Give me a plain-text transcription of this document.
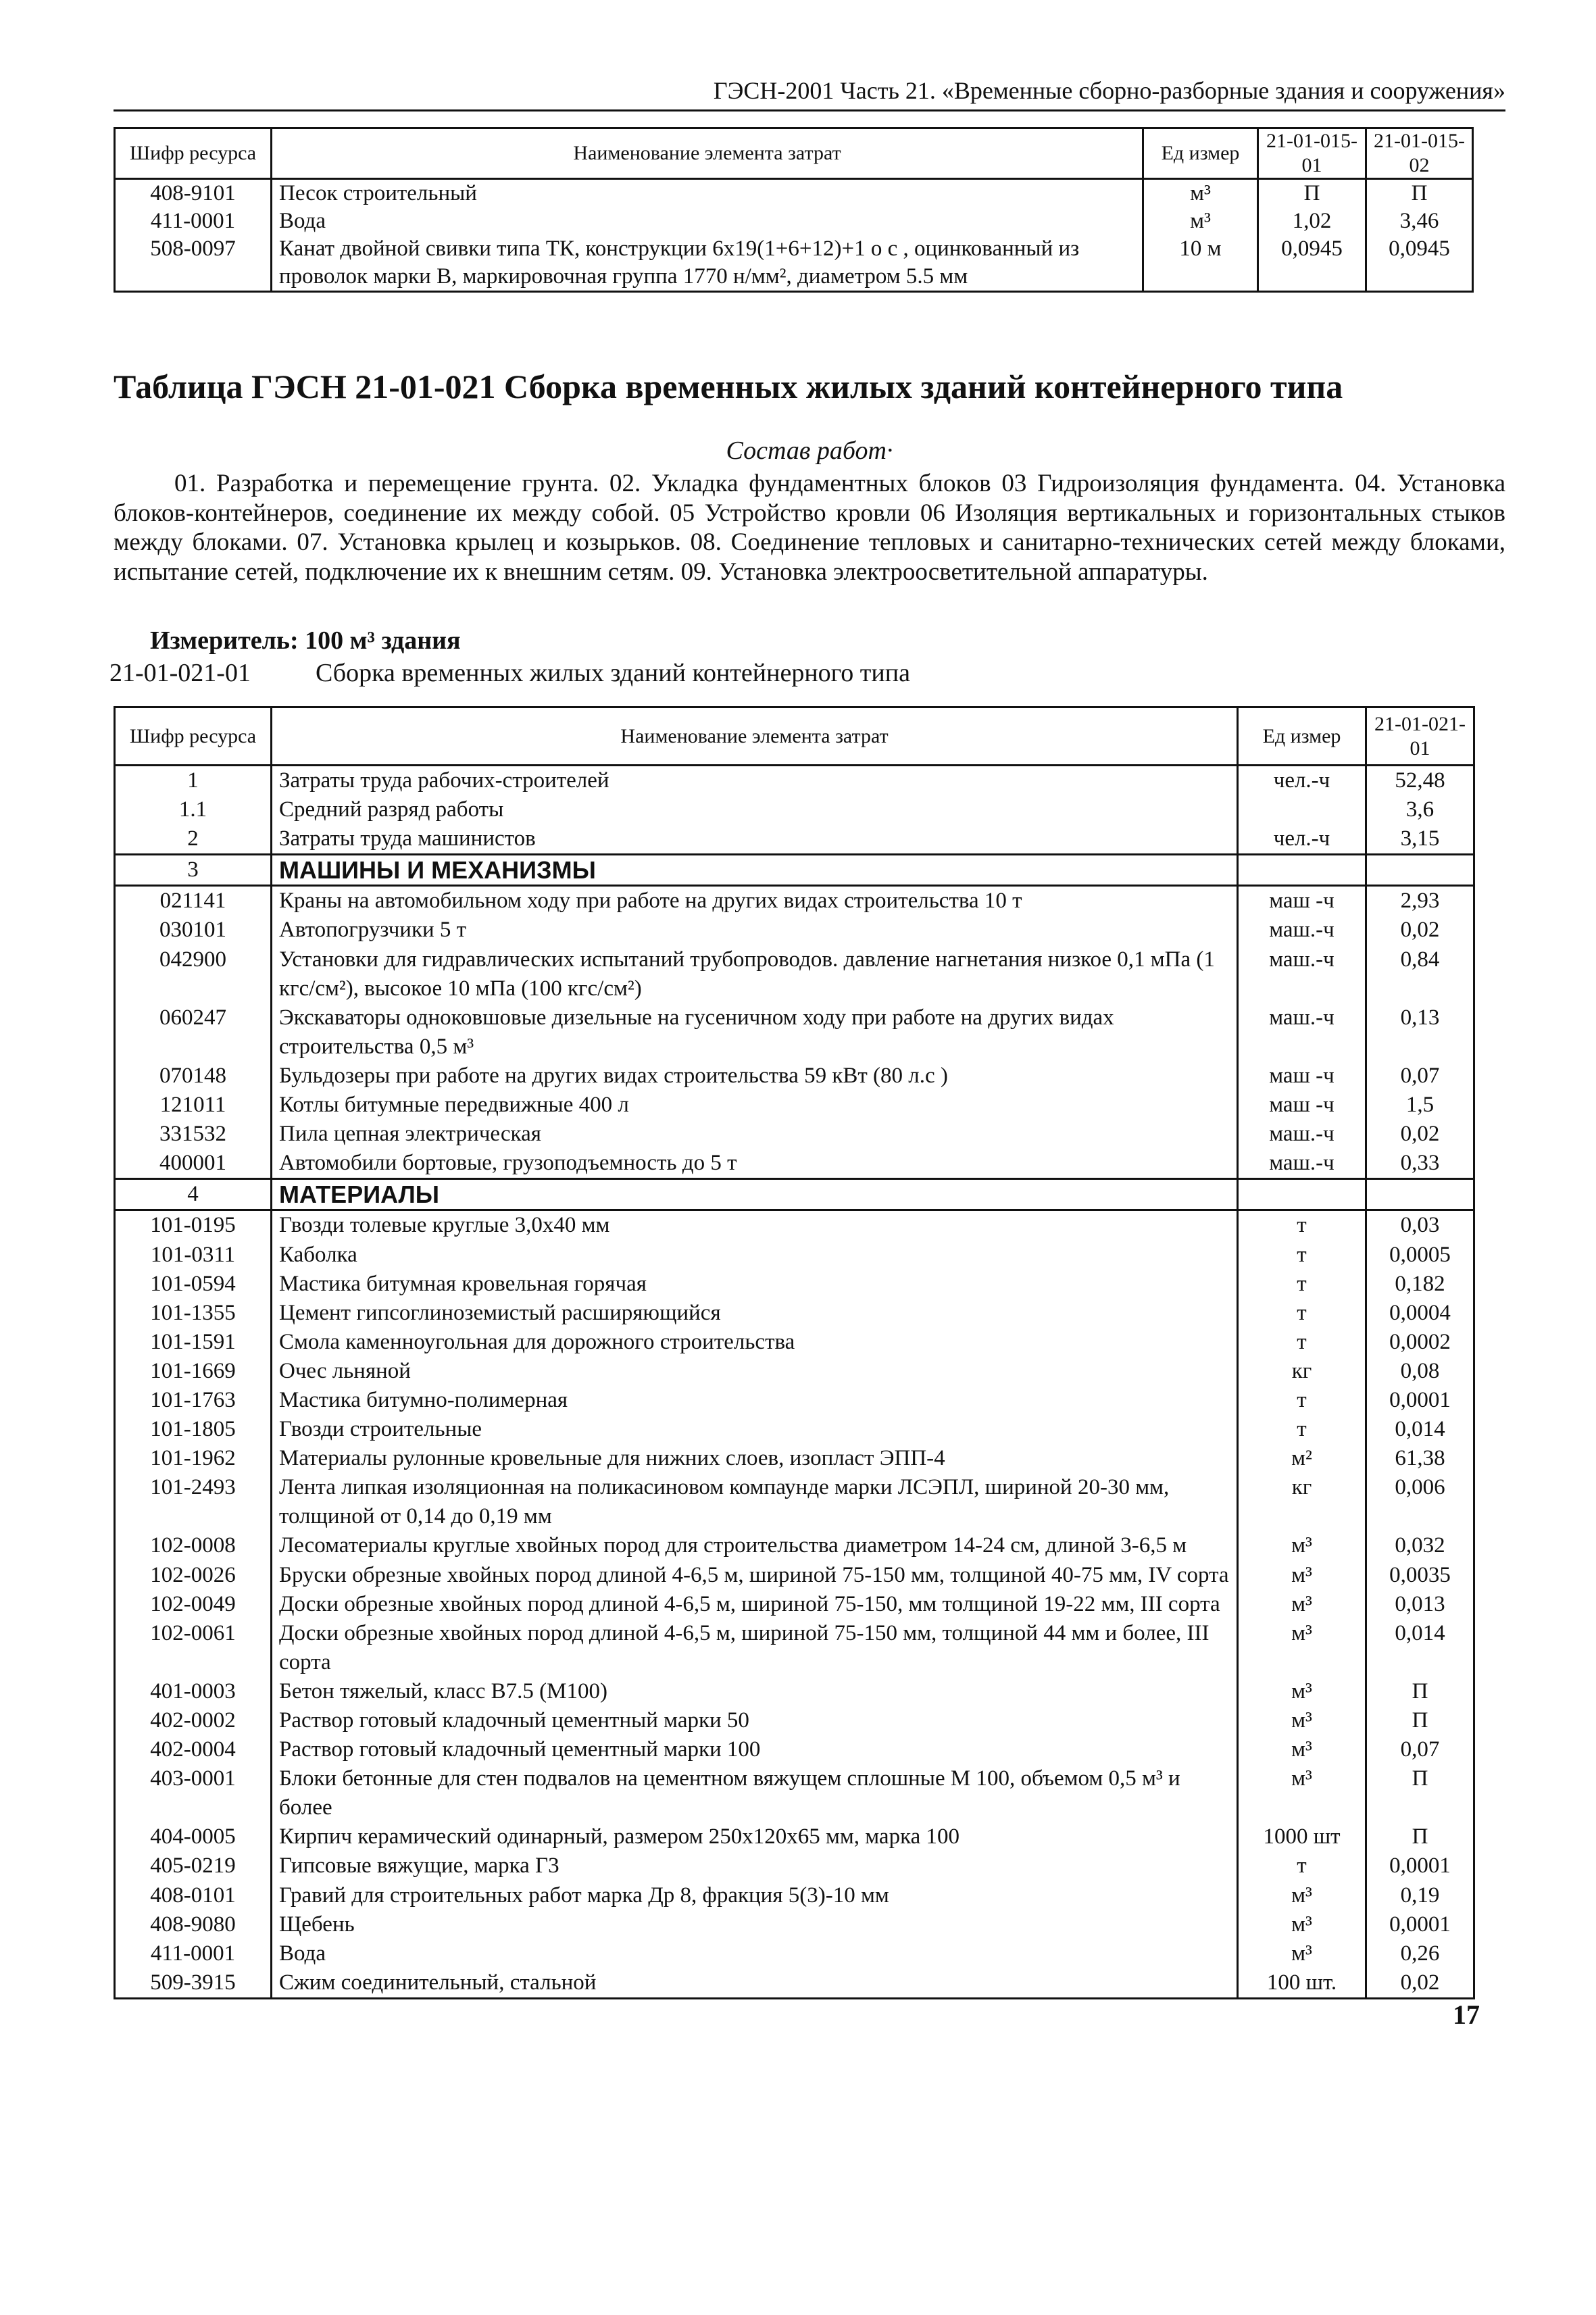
ГЭСН-2001 Часть 21. «Временные сборно-разборные здания и сооружения»
Шифр ресурса	Наименование элемента затрат	Ед измер	21-01-015-01	21-01-015-02
408-9101	Песок строительный	м³	П	П
411-0001	Вода	м³	1,02	3,46
508-0097	Канат двойной свивки типа ТК, конструкции 6х19(1+6+12)+1 о с , оцинкованный из проволок марки В, маркировочная группа 1770 н/мм², диаметром 5.5 мм	10 м	0,0945	0,0945
Таблица ГЭСН 21-01-021 Сборка временных жилых зданий контейнерного типа
Состав работ·

01. Разработка и перемещение грунта. 02. Укладка фундаментных блоков 03 Гидроизоляция фундамента. 04. Установка блоков-контейнеров, соединение их между собой. 05 Устройство кровли 06 Изоляция вертикальных и горизонтальных стыков между блоками. 07. Установка крылец и козырьков. 08. Соединение тепловых и санитарно-технических сетей между блоками, испытание сетей, подключение их к внешним сетям. 09. Установка электроосветительной аппаратуры.

Измеритель: 100 м³ здания
21-01-021-01	Сборка временных жилых зданий контейнерного типа
Шифр ресурса	Наименование элемента затрат	Ед измер	21-01-021-01
1	Затраты труда рабочих-строителей	чел.-ч	52,48
1.1	Средний разряд работы		3,6
2	Затраты труда машинистов	чел.-ч	3,15
3	МАШИНЫ И МЕХАНИЗМЫ		
021141	Краны на автомобильном ходу при работе на других видах строительства 10 т	маш -ч	2,93
030101	Автопогрузчики 5 т	маш.-ч	0,02
042900	Установки для гидравлических испытаний трубопроводов. давление нагнетания низкое 0,1 мПа (1 кгс/см²), высокое 10 мПа (100 кгс/см²)	маш.-ч	0,84
060247	Экскаваторы одноковшовые дизельные на гусеничном ходу при работе на других видах строительства 0,5 м³	маш.-ч	0,13
070148	Бульдозеры при работе на других видах строительства 59 кВт (80 л.с )	маш -ч	0,07
121011	Котлы битумные передвижные 400 л	маш -ч	1,5
331532	Пила цепная электрическая	маш.-ч	0,02
400001	Автомобили бортовые, грузоподъемность до 5 т	маш.-ч	0,33
4	МАТЕРИАЛЫ		
101-0195	Гвозди толевые круглые 3,0х40 мм	т	0,03
101-0311	Каболка	т	0,0005
101-0594	Мастика битумная кровельная горячая	т	0,182
101-1355	Цемент гипсоглиноземистый расширяющийся	т	0,0004
101-1591	Смола каменноугольная для дорожного строительства	т	0,0002
101-1669	Очес льняной	кг	0,08
101-1763	Мастика битумно-полимерная	т	0,0001
101-1805	Гвозди строительные	т	0,014
101-1962	Материалы рулонные кровельные для нижних слоев, изопласт ЭПП-4	м²	61,38
101-2493	Лента липкая изоляционная на поликасиновом компаунде марки ЛСЭПЛ, шириной 20-30 мм, толщиной от 0,14 до 0,19 мм	кг	0,006
102-0008	Лесоматериалы круглые хвойных пород для строительства диаметром 14-24 см, длиной 3-6,5 м	м³	0,032
102-0026	Бруски обрезные хвойных пород длиной 4-6,5 м, шириной 75-150 мм, толщиной 40-75 мм, IV сорта	м³	0,0035
102-0049	Доски обрезные хвойных пород длиной 4-6,5 м, шириной 75-150, мм толщиной 19-22 мм, III сорта	м³	0,013
102-0061	Доски обрезные хвойных пород длиной 4-6,5 м, шириной 75-150 мм, толщиной 44 мм и более, III сорта	м³	0,014
401-0003	Бетон тяжелый, класс В7.5 (М100)	м³	П
402-0002	Раствор готовый кладочный цементный марки 50	м³	П
402-0004	Раствор готовый кладочный цементный марки 100	м³	0,07
403-0001	Блоки бетонные для стен подвалов на цементном вяжущем сплошные М 100, объемом 0,5 м³ и более	м³	П
404-0005	Кирпич керамический одинарный, размером 250х120х65 мм, марка 100	1000 шт	П
405-0219	Гипсовые вяжущие, марка Г3	т	0,0001
408-0101	Гравий для строительных работ марка Др 8, фракция 5(3)-10 мм	м³	0,19
408-9080	Щебень	м³	0,0001
411-0001	Вода	м³	0,26
509-3915	Сжим соединительный, стальной	100 шт.	0,02
17
